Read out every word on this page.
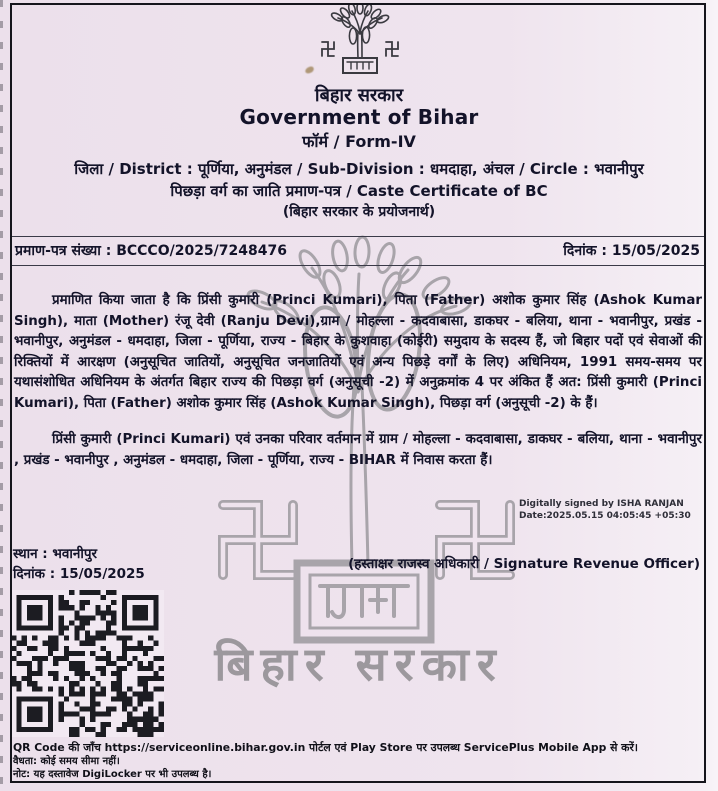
बिहार सरकार
बिहार सरकार
Government of Bihar
फॉर्म / Form-IV
जिला / District : पूर्णिया, अनुमंडल / Sub-Division : धमदाहा, अंचल / Circle : भवानीपुर
पिछड़ा वर्ग का जाति प्रमाण-पत्र / Caste Certificate of BC
(बिहार सरकार के प्रयोजनार्थ)
प्रमाण-पत्र संख्या : BCCCO/2025/7248476	दिनांक : 15/05/2025

प्रमाणित किया जाता है कि प्रिंसी कुमारी (Princi Kumari), पिता (Father) अशोक कुमार सिंह (Ashok Kumar Singh), माता (Mother) रंजू देवी (Ranju Devi),ग्राम / मोहल्ला - कदवाबासा, डाकघर - बलिया, थाना - भवानीपुर, प्रखंड - भवानीपुर, अनुमंडल - धमदाहा, जिला - पूर्णिया, राज्य - बिहार के कुशवाहा (कोईरी) समुदाय के सदस्य हैं, जो बिहार पदों एवं सेवाओं की रिक्तियों में आरक्षण (अनुसूचित जातियों, अनुसूचित जनजातियों एवं अन्य पिछड़े वर्गों के लिए) अधिनियम, 1991 समय-समय पर यथासंशोधित अधिनियम के अंतर्गत बिहार राज्य की पिछड़ा वर्ग (अनुसूची -2) में अनुक्रमांक 4 पर अंकित हैं अत: प्रिंसी कुमारी (Princi Kumari), पिता (Father) अशोक कुमार सिंह (Ashok Kumar Singh), पिछड़ा वर्ग (अनुसूची -2) के हैं।

प्रिंसी कुमारी (Princi Kumari) एवं उनका परिवार वर्तमान में ग्राम / मोहल्ला - कदवाबासा, डाकघर - बलिया, थाना - भवानीपुर , प्रखंड - भवानीपुर , अनुमंडल - धमदाहा, जिला - पूर्णिया, राज्य - BIHAR में निवास करता हैं।

Digitally signed by ISHA RANJAN
Date:2025.05.15 04:05:45 +05:30
(हस्ताक्षर राजस्व अधिकारी / Signature Revenue Officer)
स्थान : भवानीपुर
दिनांक : 15/05/2025
QR Code की जाँच https://serviceonline.bihar.gov.in पोर्टल एवं Play Store पर उपलब्ध ServicePlus Mobile App से करें।
वैधता: कोई समय सीमा नहीं।
नोट: यह दस्तावेज DigiLocker पर भी उपलब्ध है।
